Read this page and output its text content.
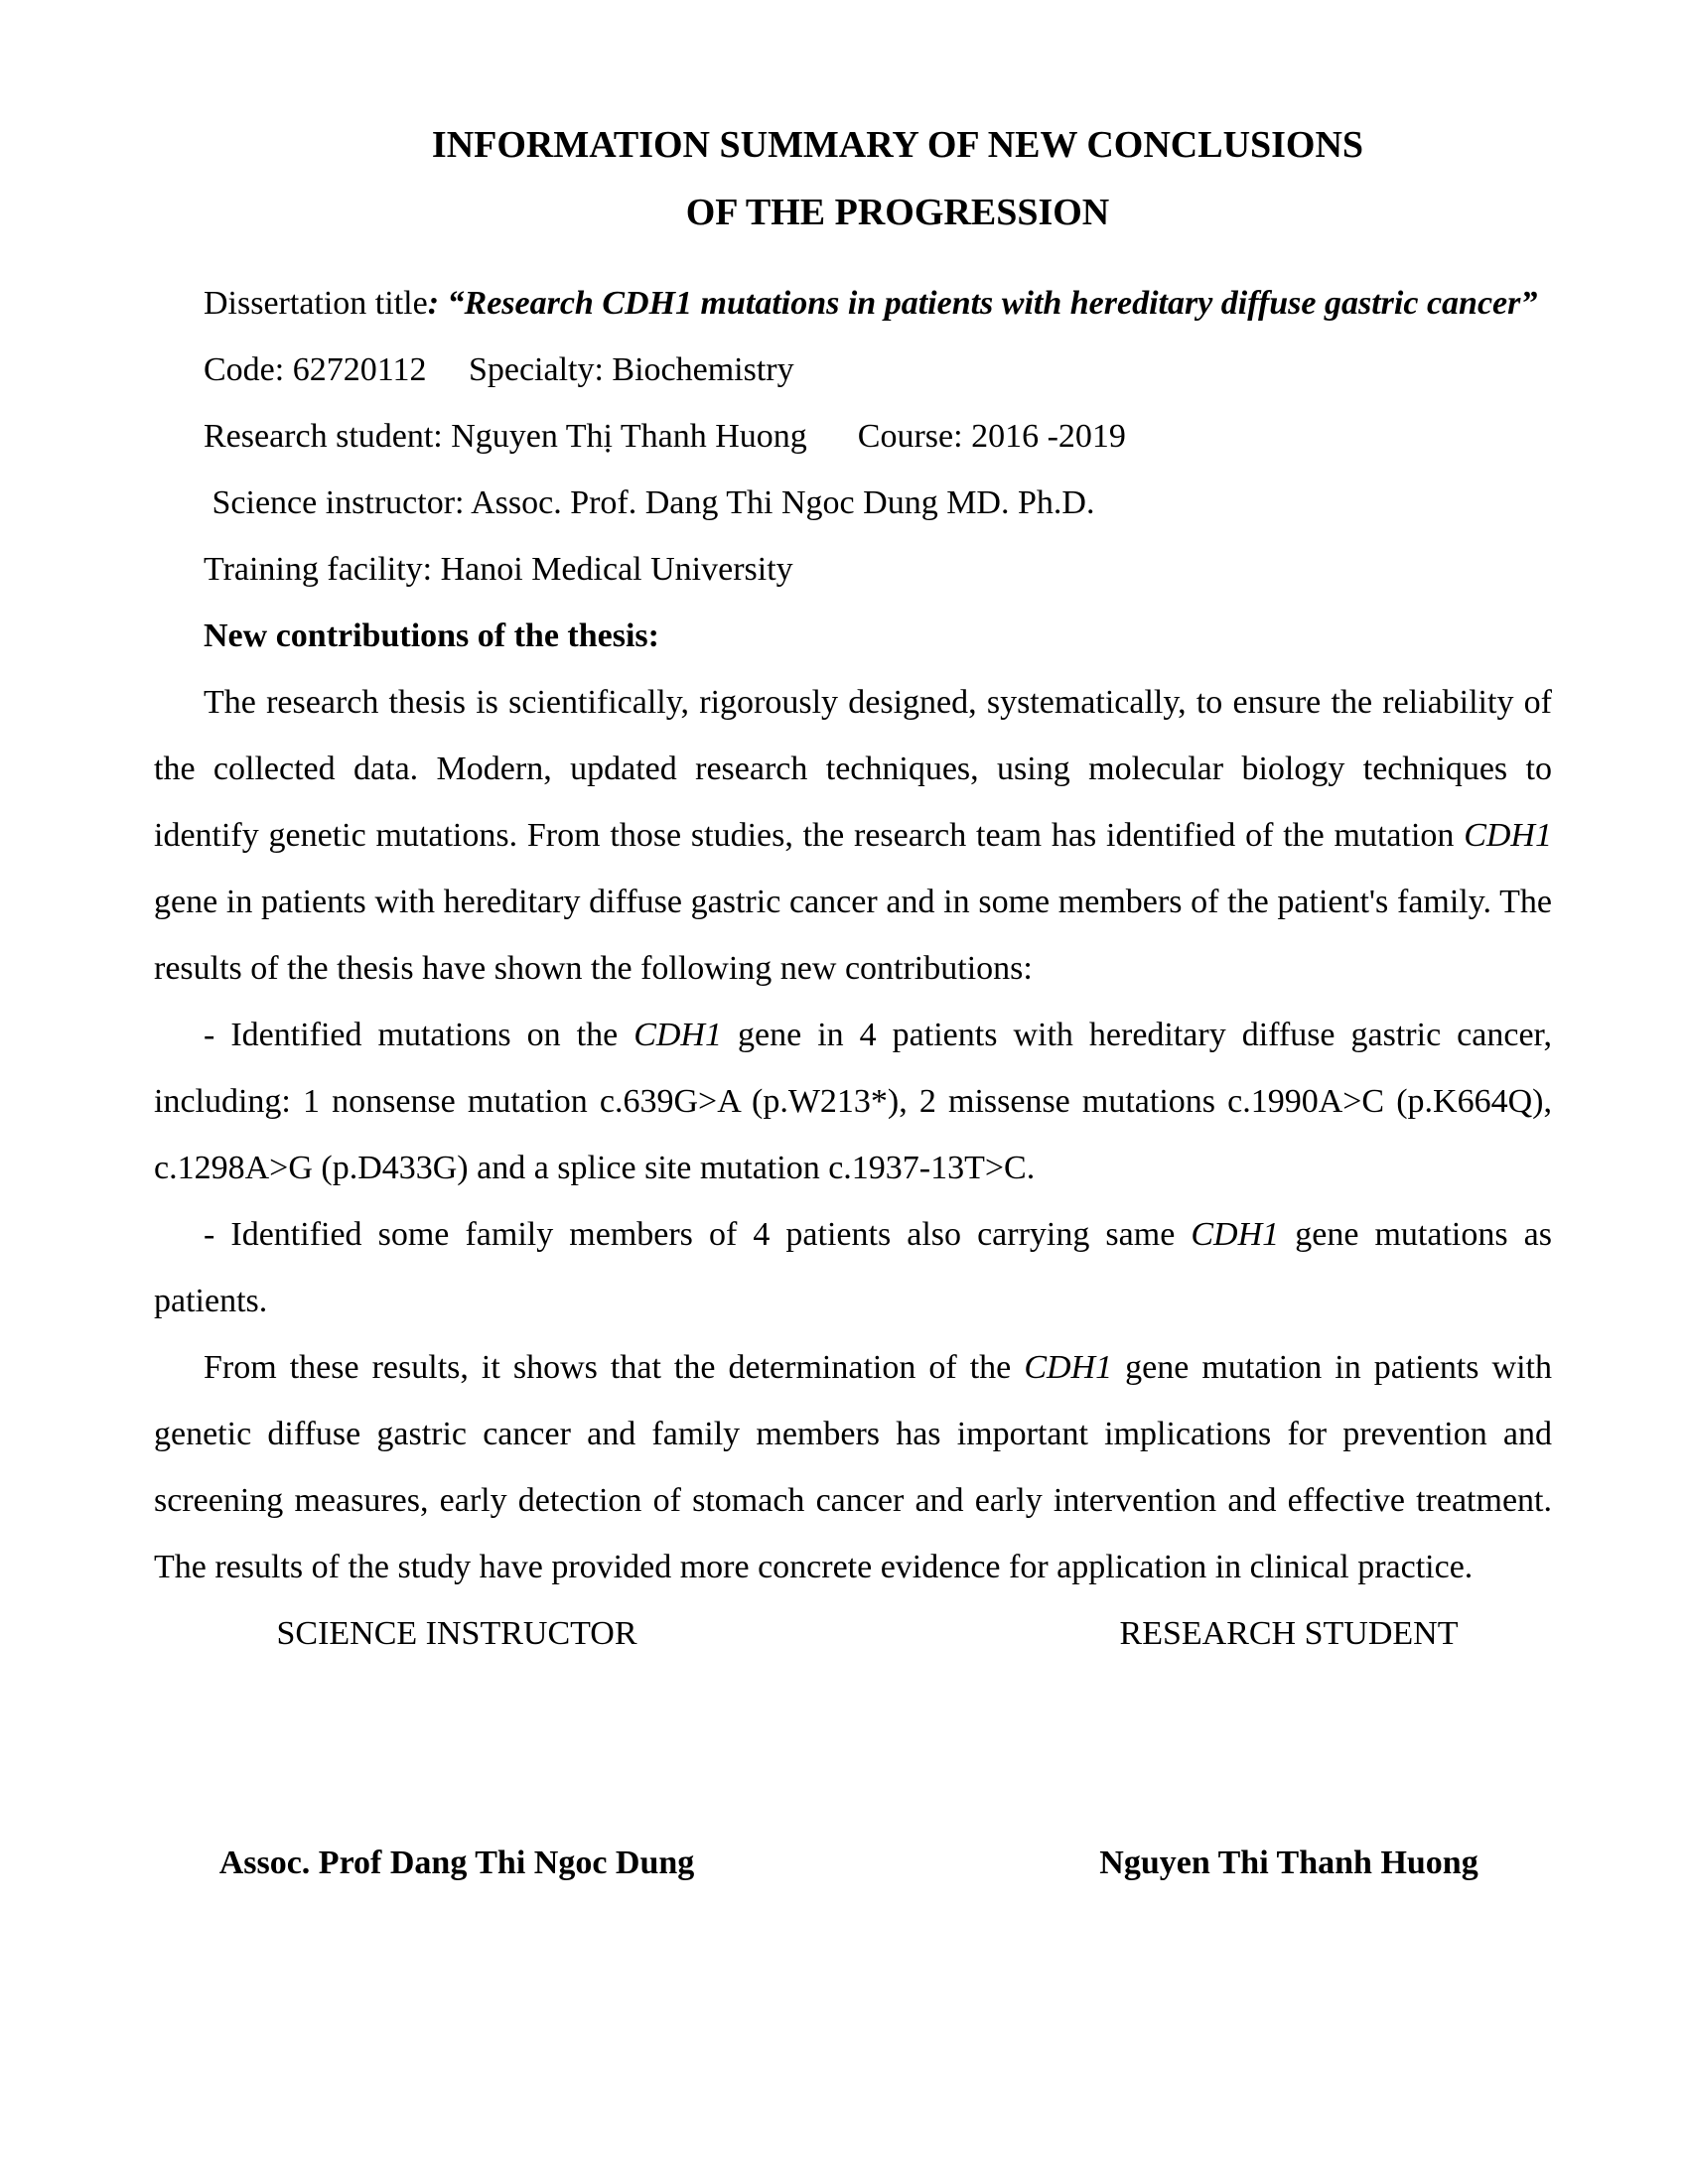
INFORMATION SUMMARY OF NEW CONCLUSIONS
OF THE PROGRESSION

Dissertation title: “Research CDH1 mutations in patients with hereditary diffuse gastric cancer”

Code: 62720112     Specialty: Biochemistry
Research student: Nguyen Thị Thanh Huong      Course: 2016 -2019
Science instructor: Assoc. Prof. Dang Thi Ngoc Dung MD. Ph.D.
Training facility: Hanoi Medical University
New contributions of the thesis:

The research thesis is scientifically, rigorously designed, systematically, to ensure the reliability of the collected data. Modern, updated research techniques, using molecular biology techniques to identify genetic mutations. From those studies, the research team has identified of the mutation CDH1 gene in patients with hereditary diffuse gastric cancer and in some members of the patient's family. The results of the thesis have shown the following new contributions:

- Identified mutations on the CDH1 gene in 4 patients with hereditary diffuse gastric cancer, including: 1 nonsense mutation c.639G>A (p.W213*), 2 missense mutations c.1990A>C (p.K664Q), c.1298A>G (p.D433G) and a splice site mutation c.1937-13T>C.

- Identified some family members of 4 patients also carrying same CDH1 gene mutations as patients.

From these results, it shows that the determination of the CDH1 gene mutation in patients with genetic diffuse gastric cancer and family members has important implications for prevention and screening measures, early detection of stomach cancer and early intervention and effective treatment. The results of the study have provided more concrete evidence for application in clinical practice.

SCIENCE INSTRUCTOR	RESEARCH STUDENT
Assoc. Prof Dang Thi Ngoc Dung	Nguyen Thi Thanh Huong
